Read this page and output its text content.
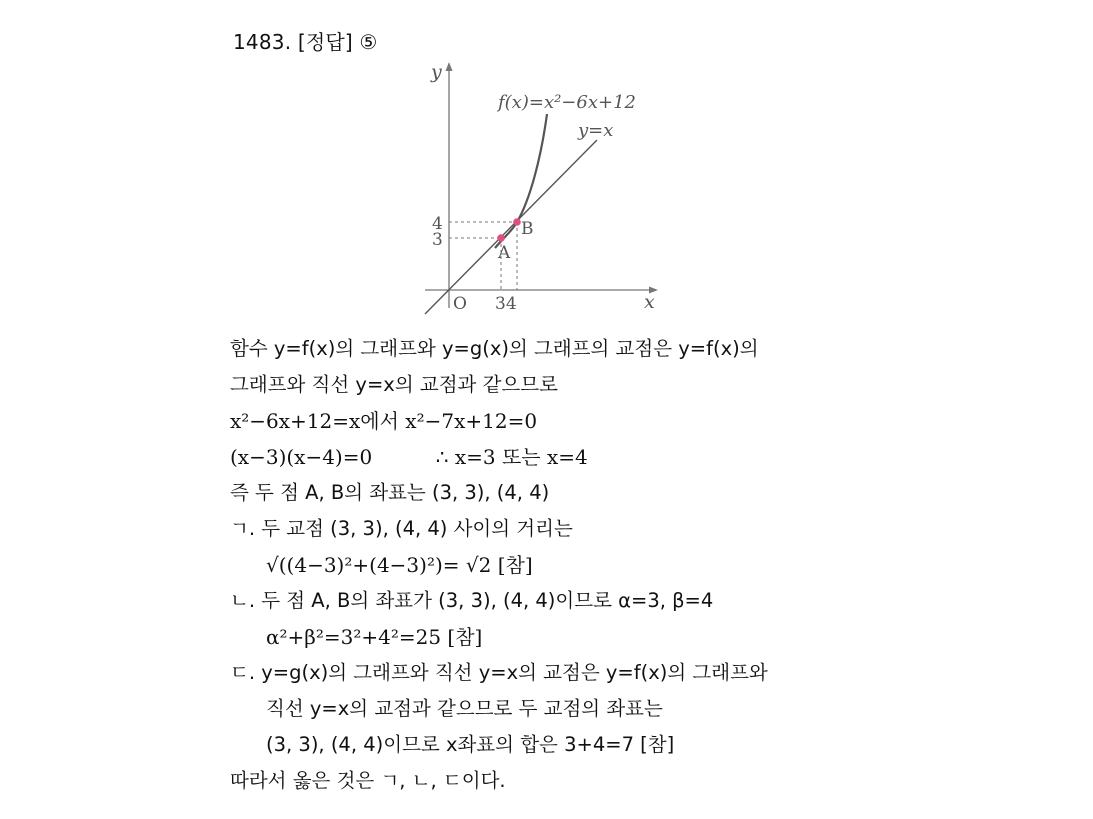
1483. [정답] ⑤
y
x
O
A
B
4
3
34
f(x)=x²−6x+12
y=x
함수 y=f(x)의 그래프와 y=g(x)의 그래프의 교점은 y=f(x)의
그래프와 직선 y=x의 교점과 같으므로
x²−6x+12=x에서 x²−7x+12=0
(x−3)(x−4)=0          ∴ x=3 또는 x=4
즉 두 점 A, B의 좌표는 (3, 3), (4, 4)
ㄱ. 두 교점 (3, 3), (4, 4) 사이의 거리는
√((4−3)²+(4−3)²)= √2 [참]
ㄴ. 두 점 A, B의 좌표가 (3, 3), (4, 4)이므로 α=3, β=4
α²+β²=3²+4²=25 [참]
ㄷ. y=g(x)의 그래프와 직선 y=x의 교점은 y=f(x)의 그래프와
직선 y=x의 교점과 같으므로 두 교점의 좌표는
(3, 3), (4, 4)이므로 x좌표의 합은 3+4=7 [참]
따라서 옳은 것은 ㄱ, ㄴ, ㄷ이다.
